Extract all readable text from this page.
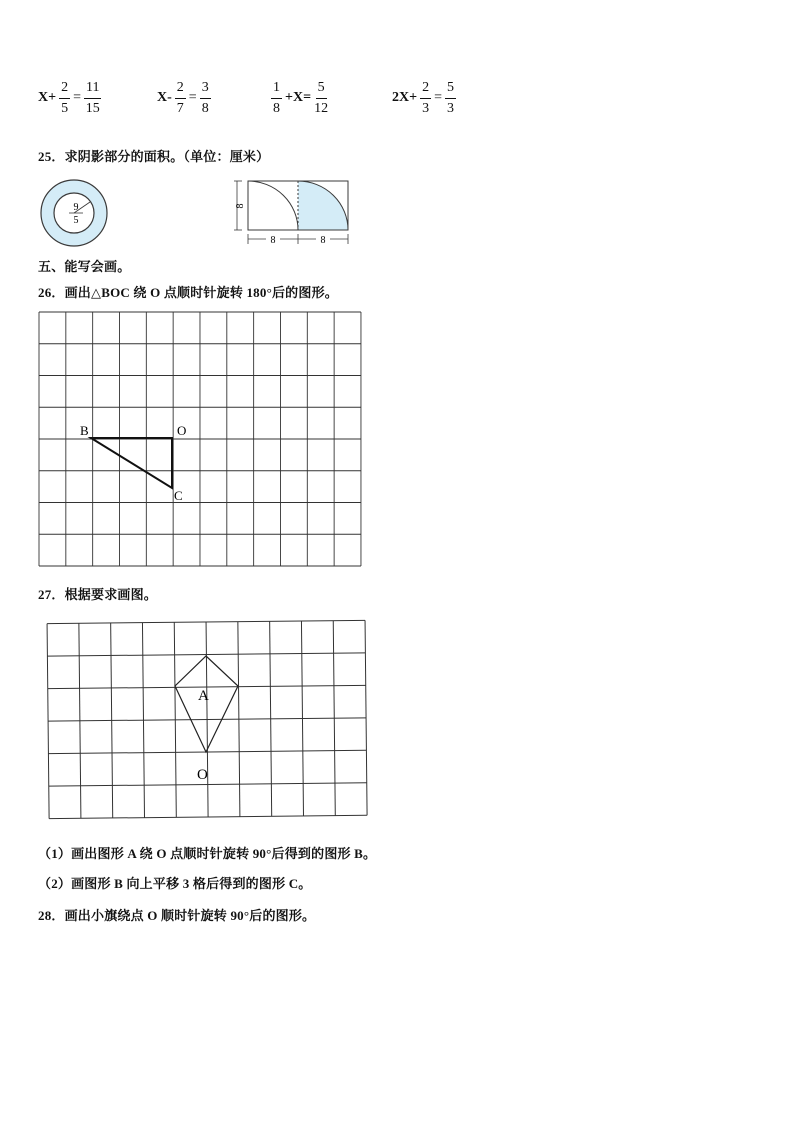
$X+ \frac{2}{5} = \frac{11}{15}$	$X- \frac{2}{7} = \frac{3}{8}$	$\frac{1}{8} +X= \frac{5}{12}$	$2X+ \frac{2}{3} = \frac{5}{3}$
25．求阴影部分的面积。（单位：厘米）
9
5
8
8	8
五、能写会画。
26．画出△BOC 绕 O 点顺时针旋转 180°后的图形。
B	O
C
27．根据要求画图。
A
O
（1）画出图形 A 绕 O 点顺时针旋转 90°后得到的图形 B。
（2）画图形 B 向上平移 3 格后得到的图形 C。
28．画出小旗绕点 O 顺时针旋转 90°后的图形。
